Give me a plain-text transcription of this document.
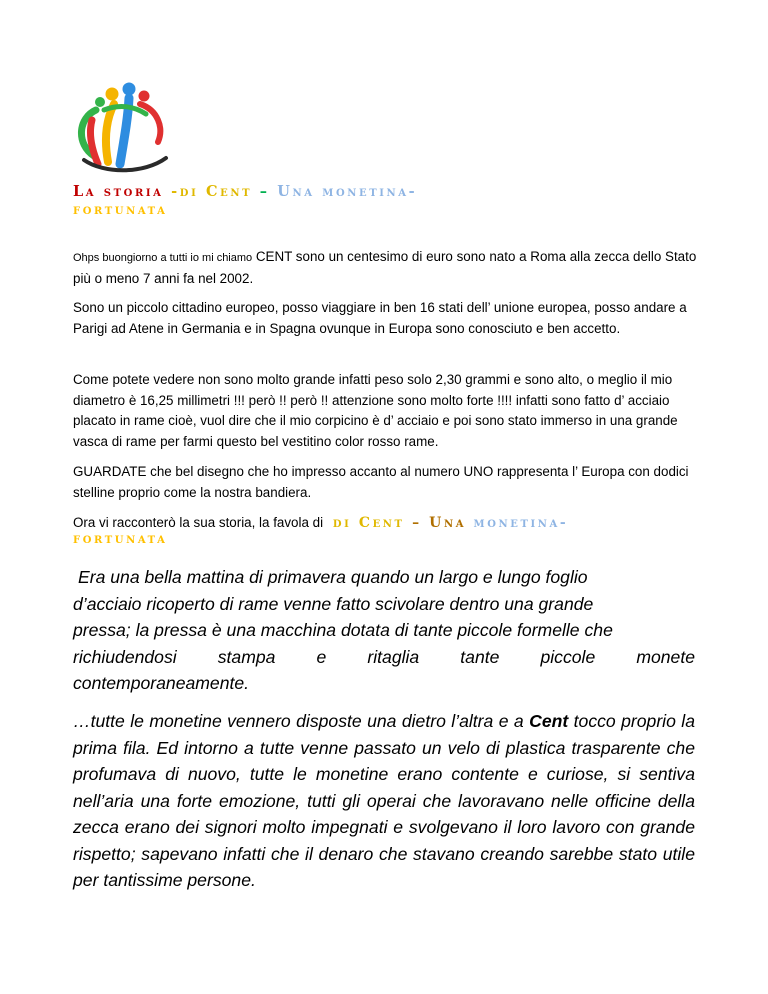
La storia -di Cent – Una monetina-
fortunata
Ohps buongiorno a tutti io mi chiamo CENT sono un centesimo di euro sono nato a Roma alla zecca dello Stato più o meno 7 anni fa nel 2002.
Sono un piccolo cittadino europeo, posso viaggiare in ben 16 stati dell’ unione europea, posso andare a Parigi ad Atene in Germania e in Spagna ovunque in Europa sono conosciuto e ben accetto.
Come potete vedere non sono molto grande infatti peso solo 2,30 grammi e sono alto, o meglio il mio diametro è 16,25 millimetri !!! però !! però !! attenzione sono molto forte !!!! infatti sono fatto d’ acciaio placato in rame cioè, vuol dire che il mio corpicino è d’ acciaio e poi sono stato immerso in una grande vasca di rame per farmi questo bel vestitino color rosso rame.
GUARDATE che bel disegno che ho impresso accanto al numero UNO rappresenta l’ Europa con dodici stelline proprio come la nostra bandiera.
Ora vi racconterò la sua storia, la favola di di Cent – Una monetina-
fortunata
Era una bella mattina di primavera quando un largo e lungo foglio
d’acciaio ricoperto di rame venne fatto scivolare dentro una grande
pressa; la pressa è una macchina dotata di tante piccole formelle che
richiudendosi stampa e ritaglia tante piccole monete
contemporaneamente.
…tutte le monetine vennero disposte una dietro l’altra e a Cent tocco proprio la prima fila. Ed intorno a tutte venne passato un velo di plastica trasparente che profumava di nuovo, tutte le monetine erano contente e curiose, si sentiva nell’aria una forte emozione, tutti gli operai che lavoravano nelle officine della zecca erano dei signori molto impegnati e svolgevano il loro lavoro con grande rispetto; sapevano infatti che il denaro che stavano creando sarebbe stato utile per tantissime persone.
